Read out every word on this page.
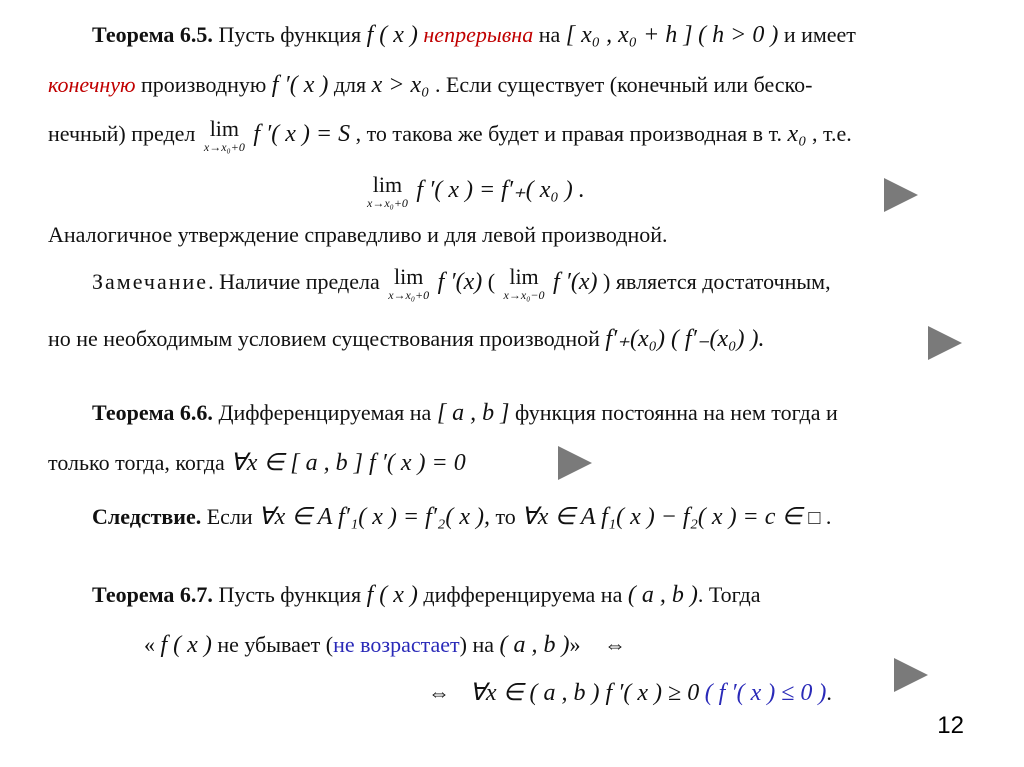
Теорема 6.5. Пусть функция f ( x ) непрерывна на [ x₀ , x₀ + h ] ( h > 0 ) и имеет
конечную производную f ′( x ) для x > x₀ . Если существует (конечный или беско-
нечный) предел lim
x→x₀+0 f ′( x ) = S , то такова же будет и правая производная в т. x₀ , т.е.
lim
x→x₀+0 f ′( x ) = f′₊( x₀ ) .
Аналогичное утверждение справедливо и для левой производной.
Замечание. Наличие предела lim
x→x₀+0 f ′(x) ( lim
x→x₀−0 f ′(x) ) является достаточным,
но не необходимым условием существования производной f′₊(x₀) ( f′₋(x₀) ).
Теорема 6.6. Дифференцируемая на [ a , b ] функция постоянна на нем тогда и
только тогда, когда ∀x ∈ [ a , b ] f ′( x ) = 0
Следствие. Если ∀x ∈ A f′₁( x ) = f′₂( x ), то ∀x ∈ A f₁( x ) − f₂( x ) = c ∈ □ .
Теорема 6.7. Пусть функция f ( x ) дифференцируема на ( a , b ). Тогда
« f ( x ) не убывает (не возрастает) на ( a , b )» ⇔
⇔ ∀x ∈ ( a , b ) f ′( x ) ≥ 0 ( f ′( x ) ≤ 0 ).
12
